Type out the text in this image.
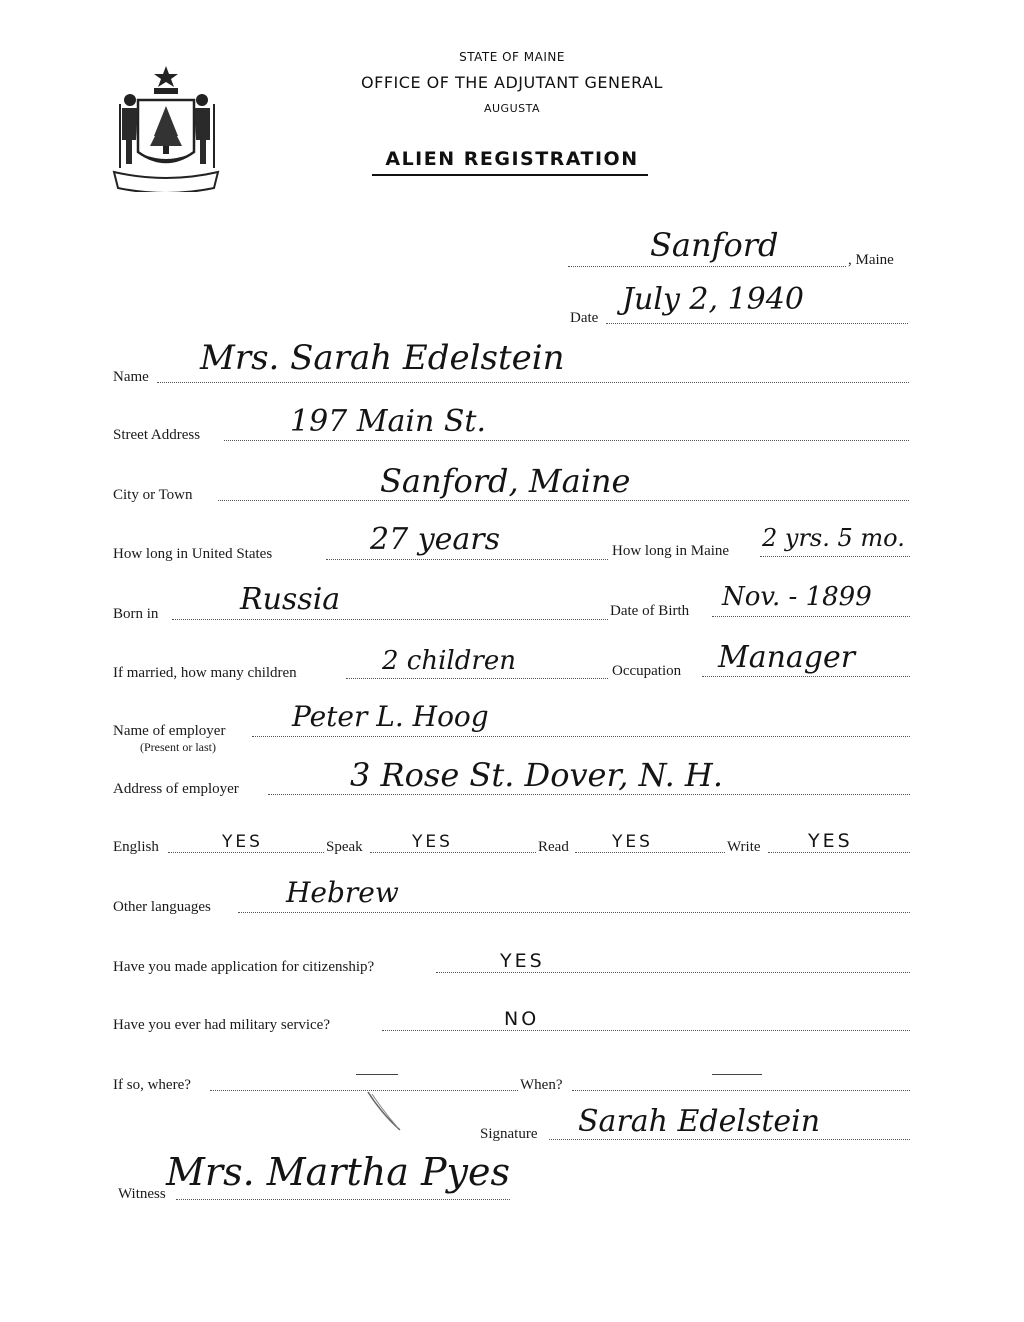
STATE OF MAINE
OFFICE OF THE ADJUTANT GENERAL
AUGUSTA
ALIEN REGISTRATION
Sanford	, Maine
Date
July 2, 1940
Name Mrs. Sarah Edelstein
Street Address	197 Main St.
City or Town	Sanford, Maine
How long in United States	27 years	How long in Maine 2 yrs. 5 mo.
Born in	Russia	Date of Birth Nov. - 1899
If married, how many children	2 children	Occupation Manager
Name of employer
(Present or last)
Peter L. Hoog
Address of employer	3 Rose St. Dover, N. H.
English	YES	Speak	YES	Read	YES	Write YES
Other languages	Hebrew
Have you made application for citizenship?	YES
Have you ever had military service?	NO
If so, where?	When?
Signature Sarah Edelstein
Witness Mrs. Martha Pyes
